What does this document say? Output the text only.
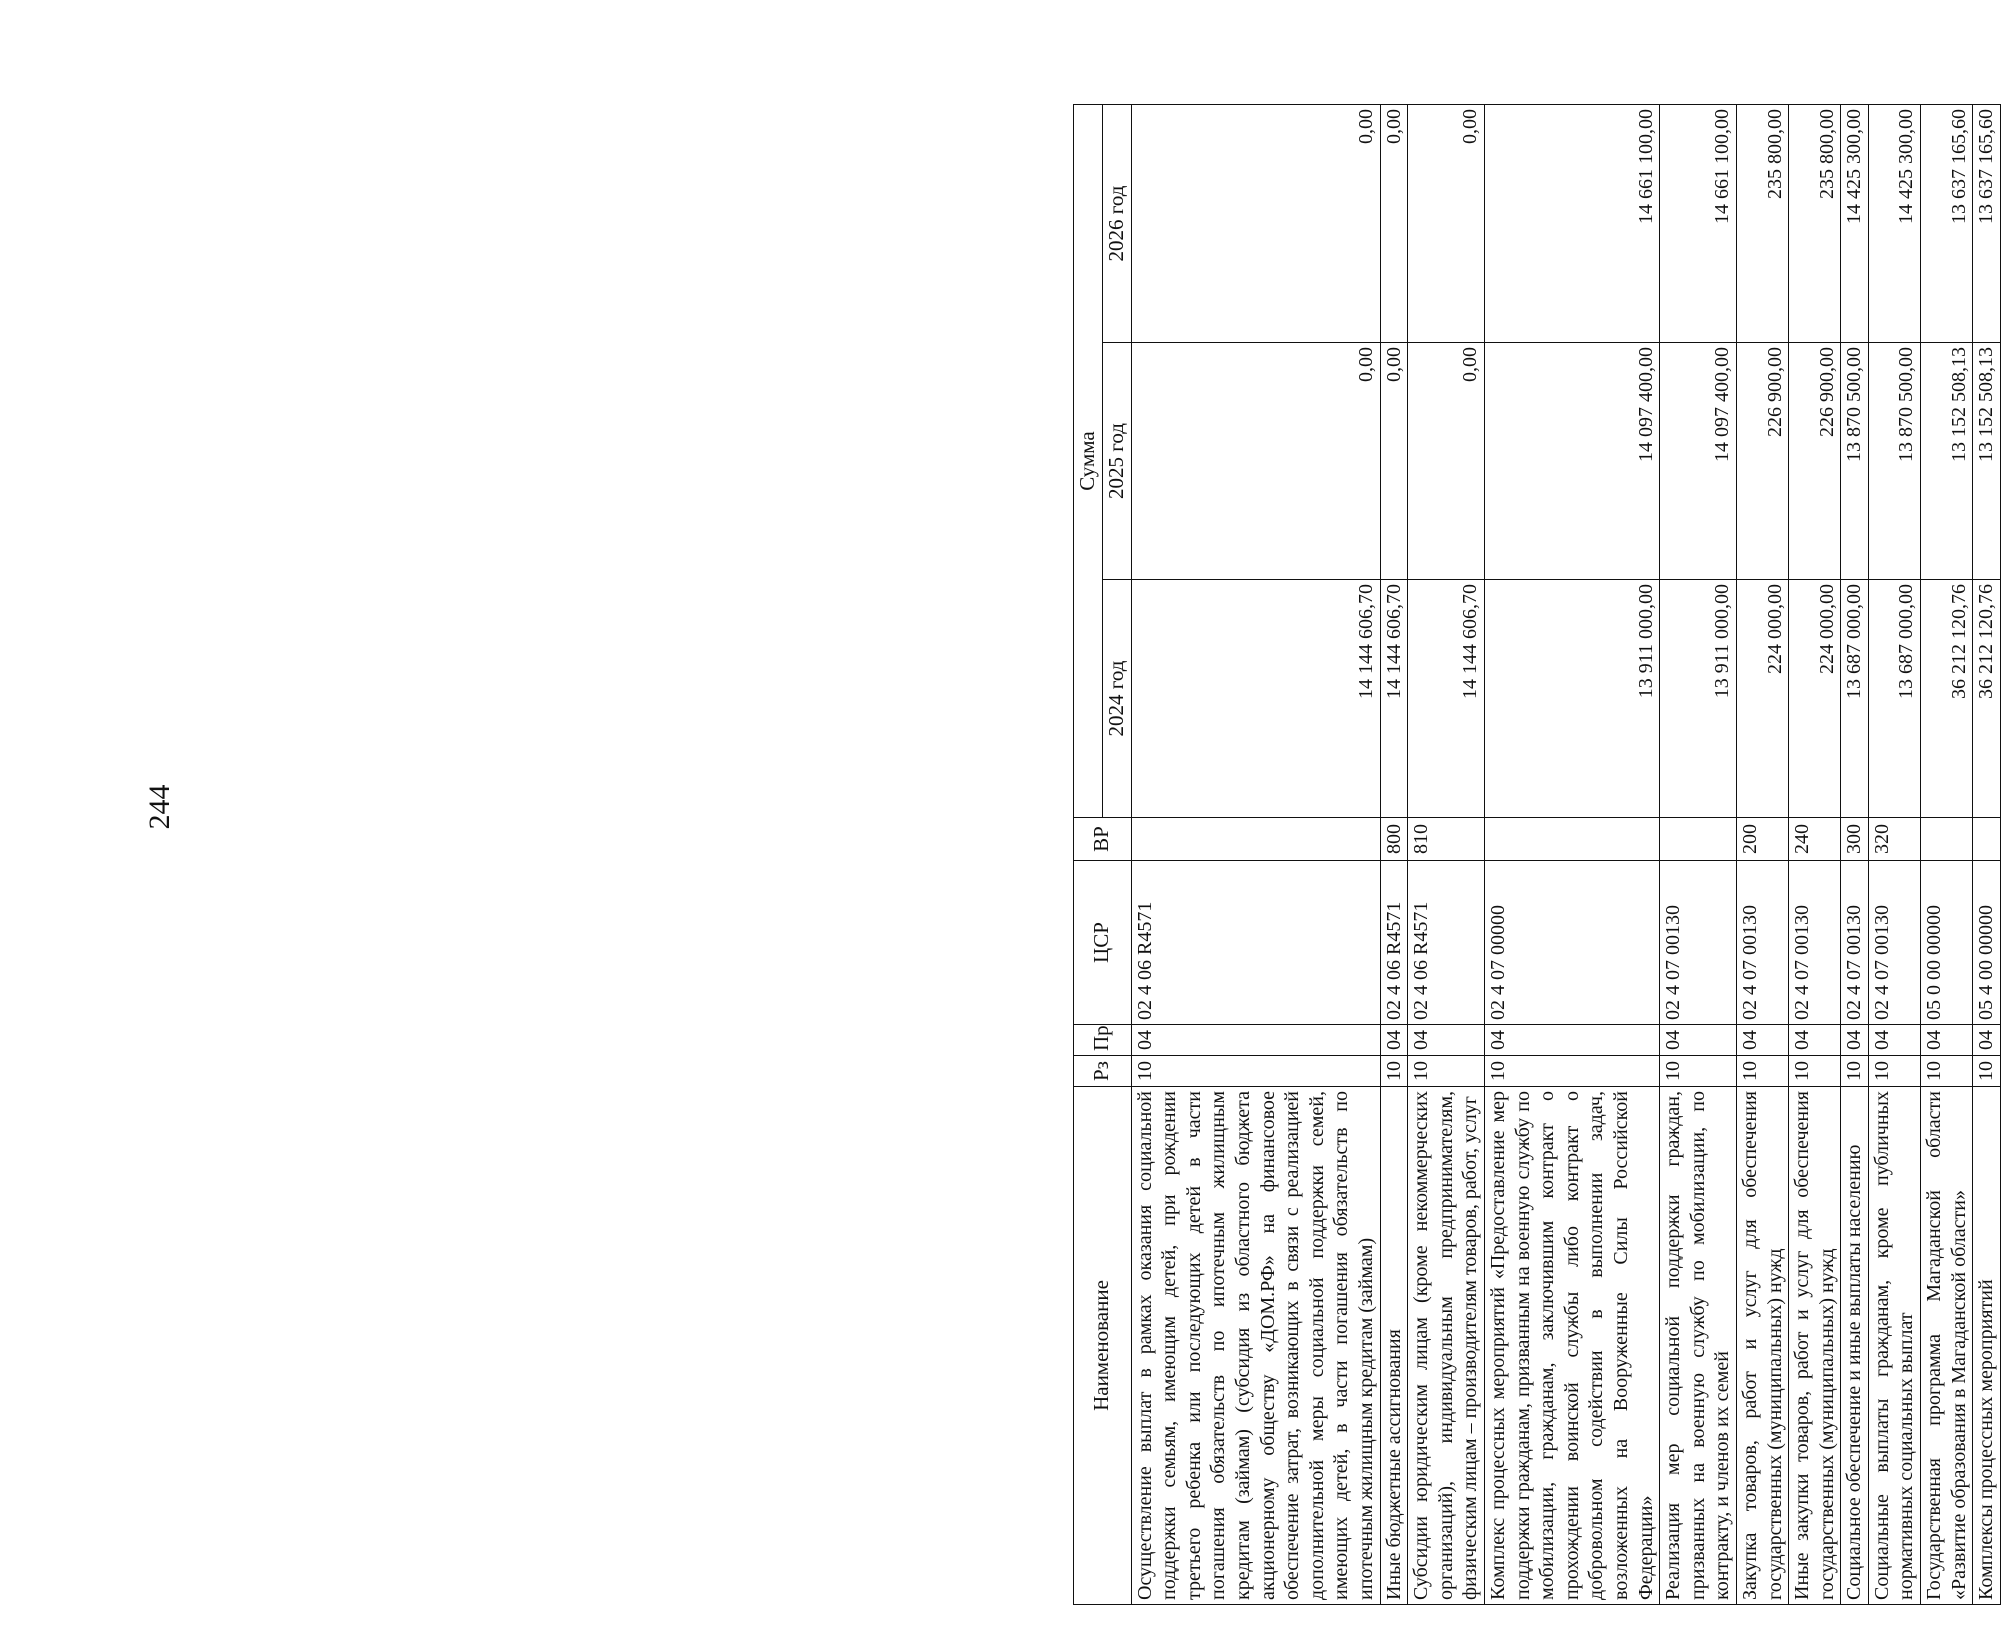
244
Наименование	Рз	Пр	ЦСР	ВР	Сумма		
					2024 год	2025 год	2026 год
Осуществление выплат в рамках оказания социальной поддержки семьям, имеющим детей, при рождении третьего ребенка или последующих детей в части погашения обязательств по ипотечным жилищным кредитам (займам) (субсидия из областного бюджета акционерному обществу «ДОМ.РФ» на финансовое обеспечение затрат, возникающих в связи с реализацией дополнительной меры социальной поддержки семей, имеющих детей, в части погашения обязательств по ипотечным жилищным кредитам (займам)	10	04	02 4 06 R4571		14 144 606,70	0,00	0,00
Иные бюджетные ассигнования	10	04	02 4 06 R4571	800	14 144 606,70	0,00	0,00
Субсидии юридическим лицам (кроме некоммерческих организаций), индивидуальным предпринимателям, физическим лицам – производителям товаров, работ, услуг	10	04	02 4 06 R4571	810	14 144 606,70	0,00	0,00
Комплекс процессных мероприятий «Предоставление мер поддержки гражданам, призванным на военную службу по мобилизации, гражданам, заключившим контракт о прохождении воинской службы либо контракт о добровольном содействии в выполнении задач, возложенных на Вооруженные Силы Российской Федерации»	10	04	02 4 07 00000		13 911 000,00	14 097 400,00	14 661 100,00
Реализация мер социальной поддержки граждан, призванных на военную службу по мобилизации, по контракту, и членов их семей	10	04	02 4 07 00130		13 911 000,00	14 097 400,00	14 661 100,00
Закупка товаров, работ и услуг для обеспечения государственных (муниципальных) нужд	10	04	02 4 07 00130	200	224 000,00	226 900,00	235 800,00
Иные закупки товаров, работ и услуг для обеспечения государственных (муниципальных) нужд	10	04	02 4 07 00130	240	224 000,00	226 900,00	235 800,00
Социальное обеспечение и иные выплаты населению	10	04	02 4 07 00130	300	13 687 000,00	13 870 500,00	14 425 300,00
Социальные выплаты гражданам, кроме публичных нормативных социальных выплат	10	04	02 4 07 00130	320	13 687 000,00	13 870 500,00	14 425 300,00
Государственная программа Магаданской области «Развитие образования в Магаданской области»	10	04	05 0 00 00000		36 212 120,76	13 152 508,13	13 637 165,60
Комплексы процессных мероприятий	10	04	05 4 00 00000		36 212 120,76	13 152 508,13	13 637 165,60
